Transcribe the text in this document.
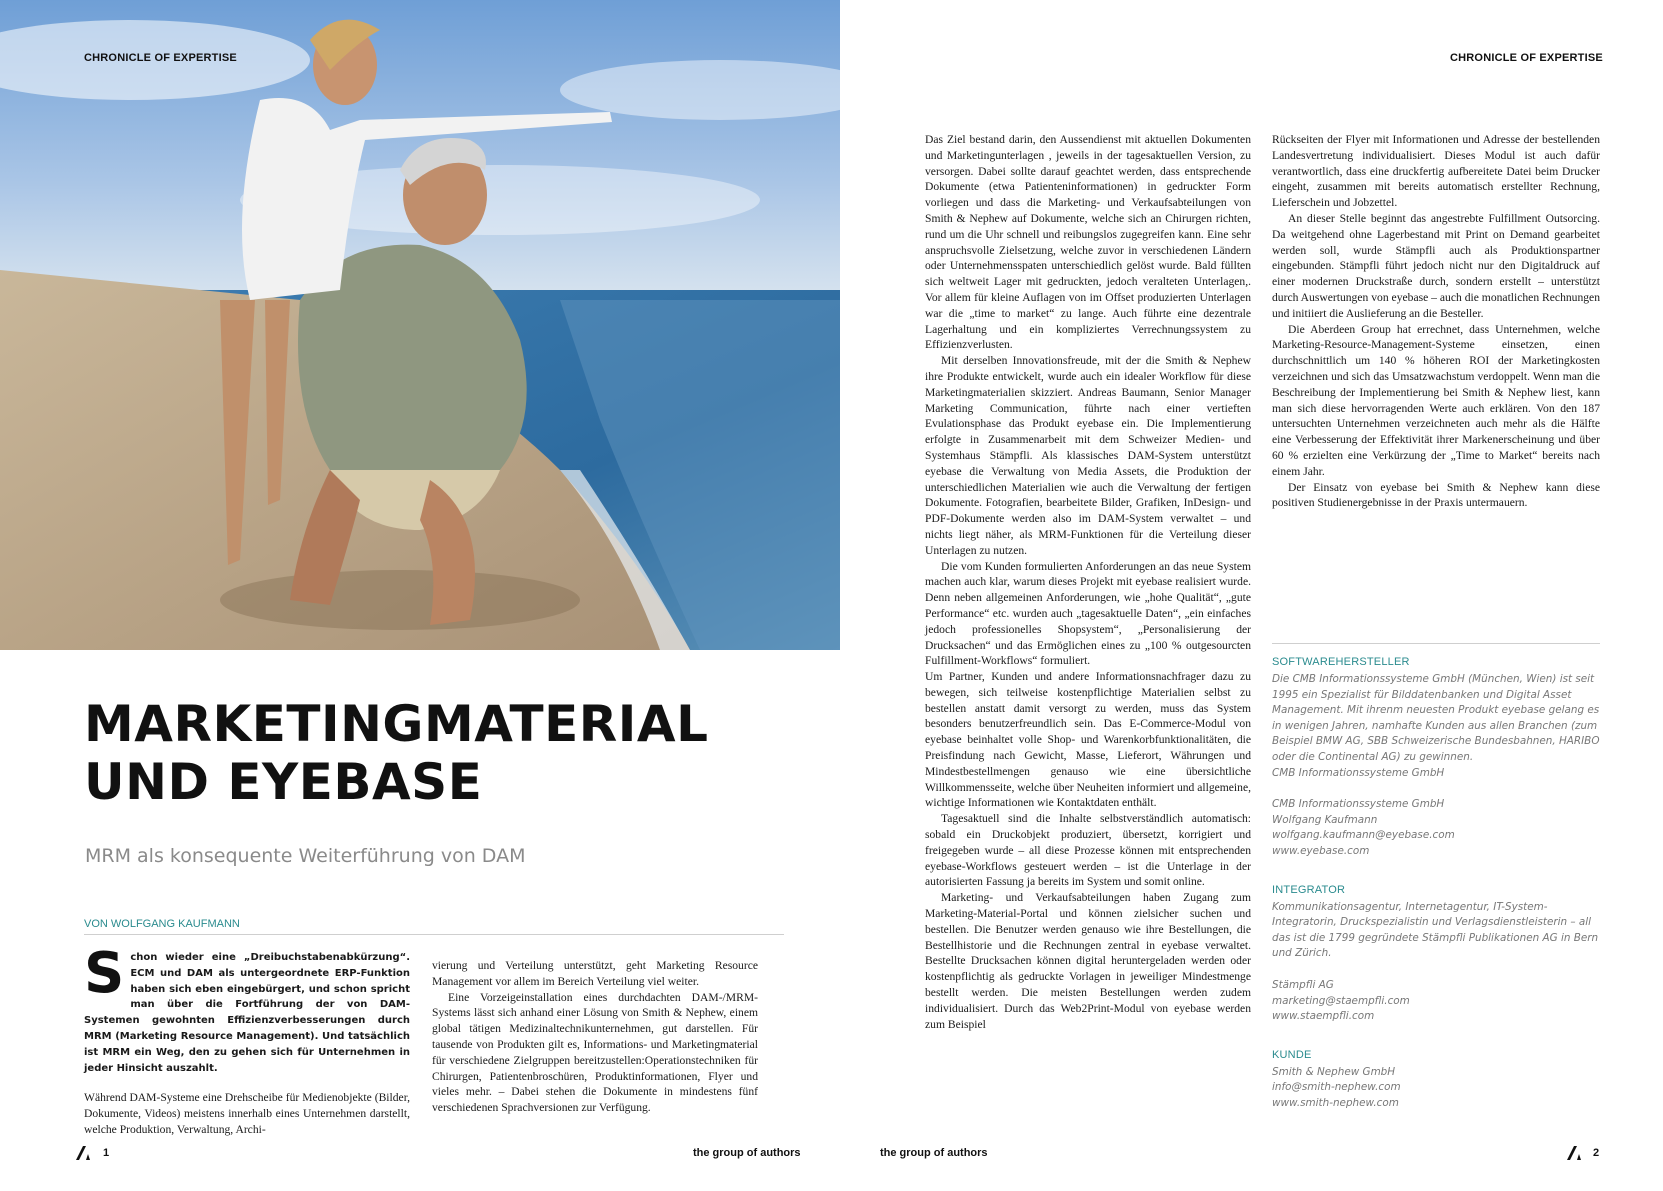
CHRONICLE OF EXPERTISE
MARKETINGMATERIAL
UND EYEBASE
MRM als konsequente Weiterführung von DAM
VON WOLFGANG KAUFMANN
Schon wieder eine „Dreibuchstabenabkürzung“. ECM und DAM als untergeordnete ERP-Funktion haben sich eben eingebürgert, und schon spricht man über die Fortführung der von DAM-Systemen gewohnten Effizienzverbesserungen durch MRM (Marketing Resource Management). Und tatsächlich ist MRM ein Weg, den zu gehen sich für Unternehmen in jeder Hinsicht auszahlt.

Während DAM-Systeme eine Drehscheibe für Medienobjekte (Bilder, Dokumente, Videos) meistens innerhalb eines Unternehmen darstellt, welche Produktion, Verwaltung, Archi-

vierung und Verteilung unterstützt, geht Marketing Resource Management vor allem im Bereich Verteilung viel weiter.

Eine Vorzeigeinstallation eines durchdachten DAM-/MRM-Systems lässt sich anhand einer Lösung von Smith & Nephew, einem global tätigen Medizinaltechnikunternehmen, gut darstellen. Für tausende von Produkten gilt es, Informations- und Marketingmaterial für verschiedene Zielgruppen bereitzustellen:Operationstechniken für Chirurgen, Patientenbroschüren, Produktinformationen, Flyer und vieles mehr. – Dabei stehen die Dokumente in mindestens fünf verschiedenen Sprachversionen zur Verfügung.

1	the group of authors
CHRONICLE OF EXPERTISE

Das Ziel bestand darin, den Aussendienst mit aktuellen Dokumenten und Marketingunterlagen , jeweils in der tagesaktuellen Version, zu versorgen. Dabei sollte darauf geachtet werden, dass entsprechende Dokumente (etwa Patienteninformationen) in gedruckter Form vorliegen und dass die Marketing- und Verkaufsabteilungen von Smith & Nephew auf Dokumente, welche sich an Chirurgen richten, rund um die Uhr schnell und reibungslos zugegreifen kann. Eine sehr anspruchsvolle Zielsetzung, welche zuvor in verschiedenen Ländern oder Unternehmensspaten unterschiedlich gelöst wurde. Bald füllten sich weltweit Lager mit gedruckten, jedoch veralteten Unterlagen,. Vor allem für kleine Auflagen von im Offset produzierten Unterlagen war die „time to market“ zu lange. Auch führte eine dezentrale Lagerhaltung und ein kompliziertes Verrechnungssystem zu Effizienzverlusten.

Mit derselben Innovationsfreude, mit der die Smith & Nephew ihre Produkte entwickelt, wurde auch ein idealer Workflow für diese Marketingmaterialien skizziert. Andreas Baumann, Senior Manager Marketing Communication, führte nach einer vertieften Evulationsphase das Produkt eyebase ein. Die Implementierung erfolgte in Zusammenarbeit mit dem Schweizer Medien- und Systemhaus Stämpfli. Als klassisches DAM-System unterstützt eyebase die Verwaltung von Media Assets, die Produktion der unterschiedlichen Materialien wie auch die Verwaltung der fertigen Dokumente. Fotografien, bearbeitete Bilder, Grafiken, InDesign- und PDF-Dokumente werden also im DAM-System verwaltet – und nichts liegt näher, als MRM-Funktionen für die Verteilung dieser Unterlagen zu nutzen.

Die vom Kunden formulierten Anforderungen an das neue System machen auch klar, warum dieses Projekt mit eyebase realisiert wurde. Denn neben allgemeinen Anforderungen, wie „hohe Qualität“, „gute Performance“ etc. wurden auch „tagesaktuelle Daten“, „ein einfaches jedoch professionelles Shopsystem“, „Personalisierung der Drucksachen“ und das Ermöglichen eines zu „100 % outgesourcten Fulfillment-Workflows“ formuliert.

Um Partner, Kunden und andere Informationsnachfrager dazu zu bewegen, sich teilweise kostenpflichtige Materialien selbst zu bestellen anstatt damit versorgt zu werden, muss das System besonders benutzerfreundlich sein. Das E-Commerce-Modul von eyebase beinhaltet volle Shop- und Warenkorbfunktionalitäten, die Preisfindung nach Gewicht, Masse, Lieferort, Währungen und Mindestbestellmengen genauso wie eine übersichtliche Willkommensseite, welche über Neuheiten informiert und allgemeine, wichtige Informationen wie Kontaktdaten enthält.

Tagesaktuell sind die Inhalte selbstverständlich automatisch: sobald ein Druckobjekt produziert, übersetzt, korrigiert und freigegeben wurde – all diese Prozesse können mit entsprechenden eyebase-Workflows gesteuert werden – ist die Unterlage in der autorisierten Fassung ja bereits im System und somit online.

Marketing- und Verkaufsabteilungen haben Zugang zum Marketing-Material-Portal und können zielsicher suchen und bestellen. Die Benutzer werden genauso wie ihre Bestellungen, die Bestellhistorie und die Rechnungen zentral in eyebase verwaltet. Bestellte Drucksachen können digital heruntergeladen werden oder kostenpflichtig als gedruckte Vorlagen in jeweiliger Mindestmenge bestellt werden. Die meisten Bestellungen werden zudem individualisiert. Durch das Web2Print-Modul von eyebase werden zum Beispiel

Rückseiten der Flyer mit Informationen und Adresse der bestellenden Landesvertretung individualisiert. Dieses Modul ist auch dafür verantwortlich, dass eine druckfertig aufbereitete Datei beim Drucker eingeht, zusammen mit bereits automatisch erstellter Rechnung, Lieferschein und Jobzettel.

An dieser Stelle beginnt das angestrebte Fulfillment Outsorcing. Da weitgehend ohne Lagerbestand mit Print on Demand gearbeitet werden soll, wurde Stämpfli auch als Produktionspartner eingebunden. Stämpfli führt jedoch nicht nur den Digitaldruck auf einer modernen Druckstraße durch, sondern erstellt – unterstützt durch Auswertungen von eyebase – auch die monatlichen Rechnungen und initiiert die Auslieferung an die Besteller.

Die Aberdeen Group hat errechnet, dass Unternehmen, welche Marketing-Resource-Management-Systeme einsetzen, einen durchschnittlich um 140 % höheren ROI der Marketingkosten verzeichnen und sich das Umsatzwachstum verdoppelt. Wenn man die Beschreibung der Implementierung bei Smith & Nephew liest, kann man sich diese hervorragenden Werte auch erklären. Von den 187 untersuchten Unternehmen verzeichneten auch mehr als die Hälfte eine Verbesserung der Effektivität ihrer Markenerscheinung und über 60 % erzielten eine Verkürzung der „Time to Market“ bereits nach einem Jahr.

Der Einsatz von eyebase bei Smith & Nephew kann diese positiven Studienergebnisse in der Praxis untermauern.

SOFTWAREHERSTELLER

Die CMB Informationssysteme GmbH (München, Wien) ist seit 1995 ein Spezialist für Bilddatenbanken und Digital Asset Management. Mit ihrenm neuesten Produkt eyebase gelang es in wenigen Jahren, namhafte Kunden aus allen Branchen (zum Beispiel BMW AG, SBB Schweizerische Bundesbahnen, HARIBO oder die Continental AG) zu gewinnen.

CMB Informationssysteme GmbH

CMB Informationssysteme GmbH

Wolfgang Kaufmann

wolfgang.kaufmann@eyebase.com

www.eyebase.com

INTEGRATOR

Kommunikationsagentur, Internetagentur, IT-System-Integratorin, Druckspezialistin und Verlagsdienstleisterin – all das ist die 1799 gegründete Stämpfli Publikationen AG in Bern und Zürich.

Stämpfli AG

marketing@staempfli.com

www.staempfli.com

KUNDE

Smith & Nephew GmbH

info@smith-nephew.com

www.smith-nephew.com

the group of authors	2
